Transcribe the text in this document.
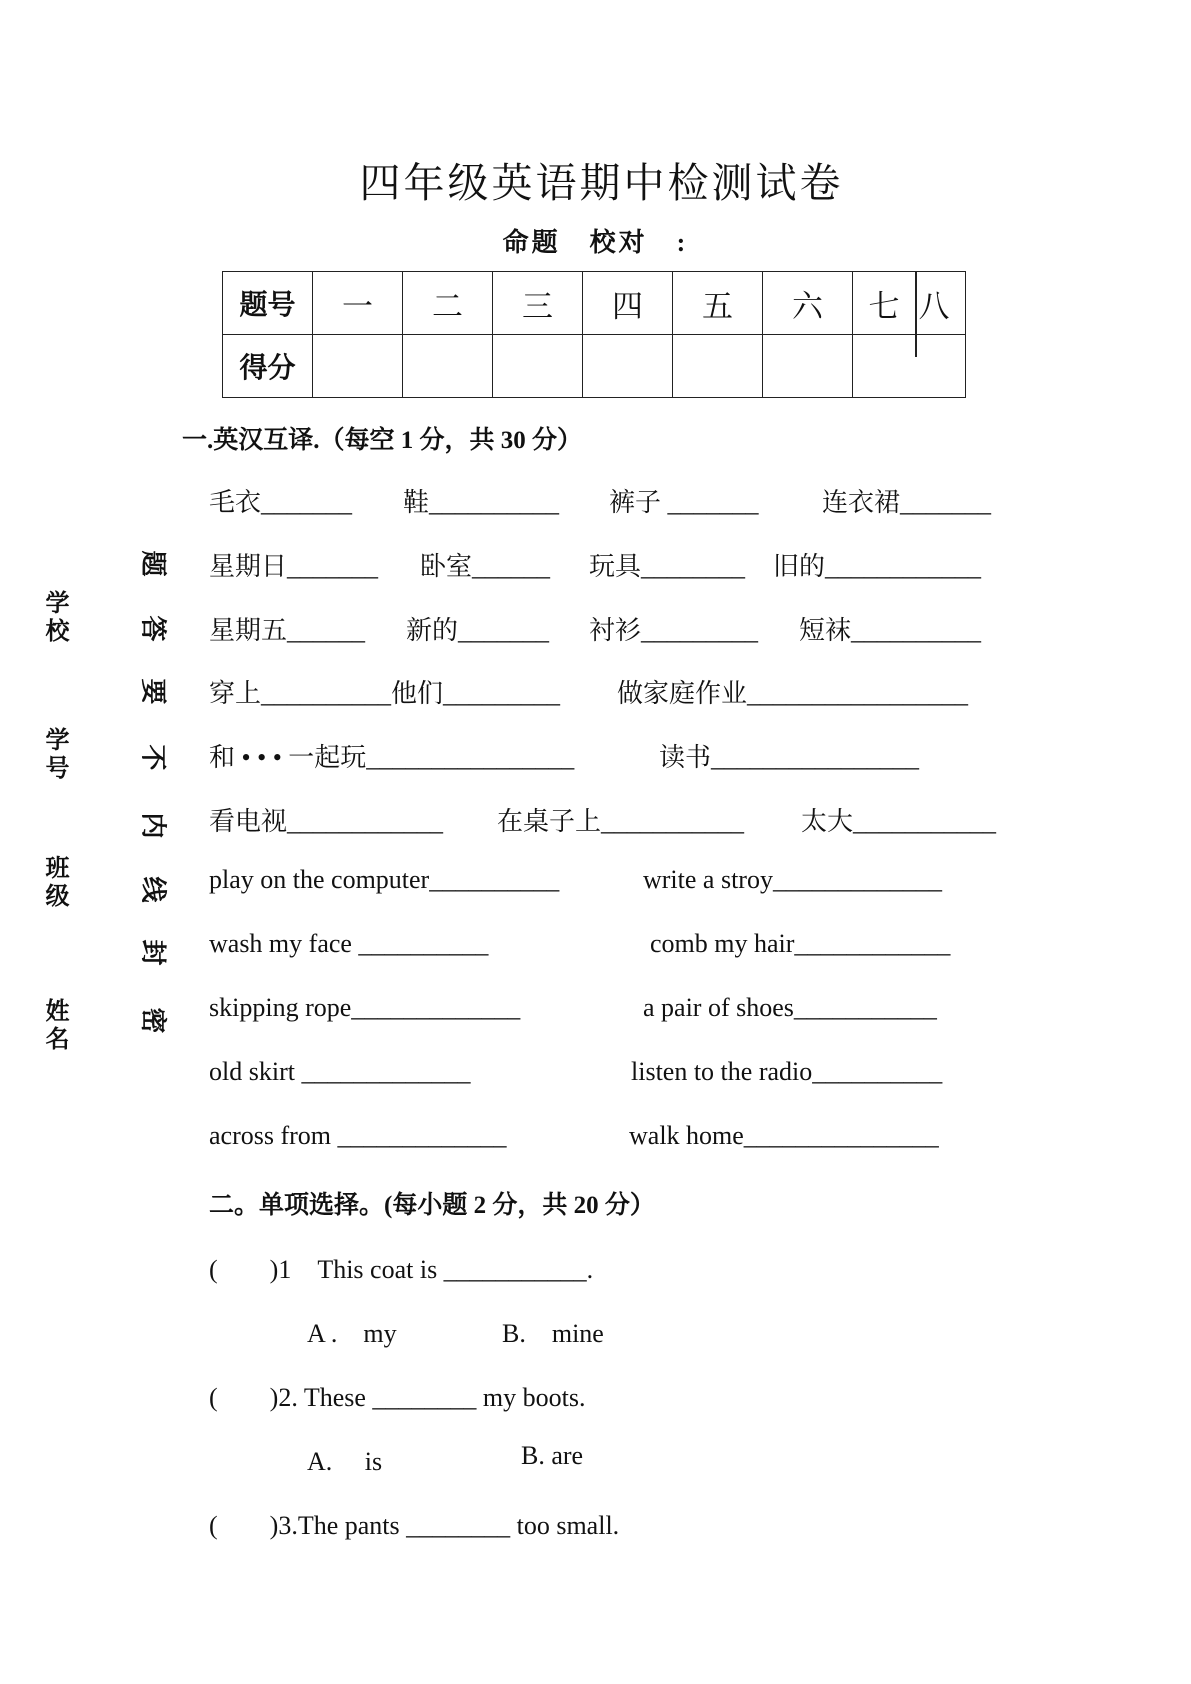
四年级英语期中检测试卷
命题　校对　:
题号	一	二	三	四	五	六	七 八
得分							
学校
学号
班级
姓名
题
答
要
不
内
线
封
密
一.英汉互译.（每空 1 分，共 30 分）
毛衣_______ 鞋__________ 裤子 _______ 连衣裙_______
星期日_______ 卧室______ 玩具________ 旧的____________
星期五______ 新的_______ 衬衫_________ 短袜__________
穿上__________他们_________ 做家庭作业_________________
和 • • • 一起玩________________	读书________________
看电视____________ 在桌子上___________ 太大___________
play on the computer__________	write a stroy_____________
wash my face __________	comb my hair____________
skipping rope_____________	a pair of shoes___________
old skirt _____________	listen to the radio__________
across from _____________	walk home_______________
二。单项选择。(每小题 2 分，共 20 分）
(　　)1　This coat is ___________.
A .　my	B.　mine
(　　)2. These ________ my boots.
A.　 is	B. are
(　　)3.The pants ________ too small.
